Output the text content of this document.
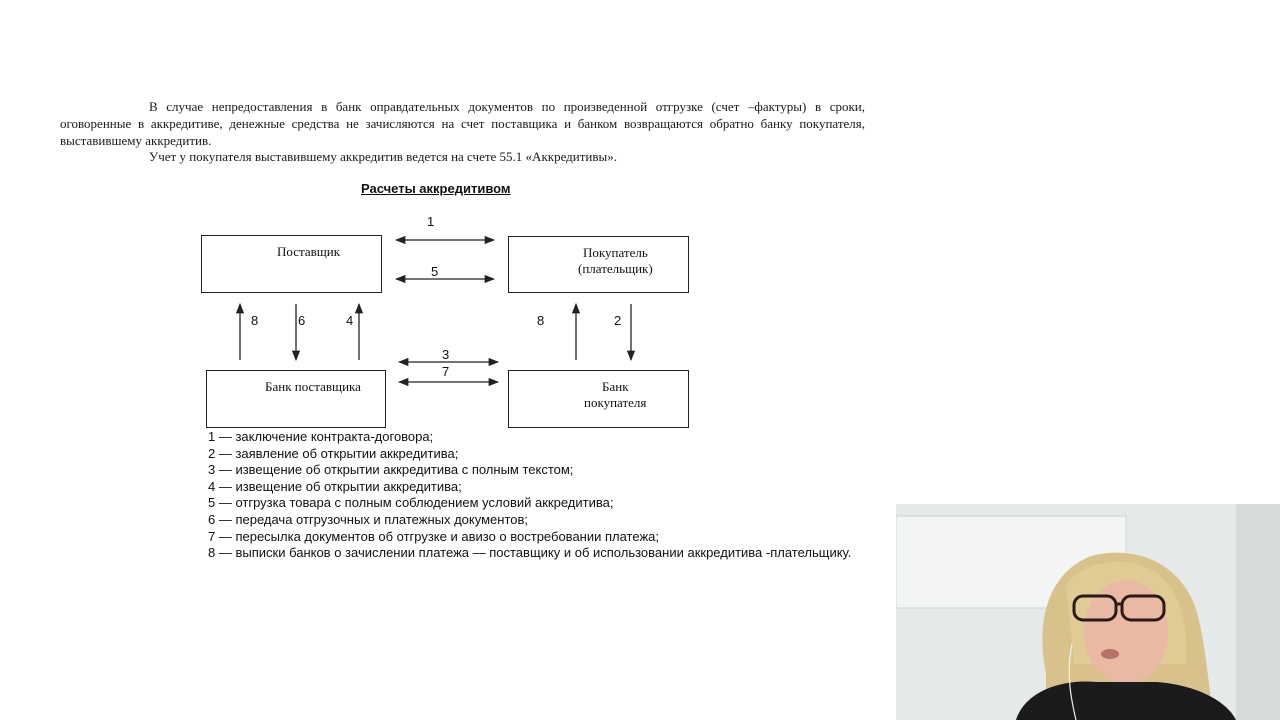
В случае непредоставления в банк оправдательных документов по произведенной отгрузке (счет –фактуры) в сроки, оговоренные в аккредитиве, денежные средства не зачисляются на счет поставщика и банком возвращаются обратно банку покупателя, выставившему аккредитив.

Учет у покупателя выставившему аккредитив ведется на счете 55.1 «Аккредитивы».

Расчеты аккредитивом
Поставщик	Покупатель
(плательщик)
Банк поставщика	Банк
покупателя
1
5
8	6	4	8	2
3
7
1 — заключение контракта-договора;
2 — заявление об открытии аккредитива;
3 — извещение об открытии аккредитива с полным текстом;
4 — извещение об открытии аккредитива;
5 — отгрузка товара с полным соблюдением условий аккредитива;
6 — передача отгрузочных и платежных документов;
7 — пересылка документов об отгрузке и авизо о востребовании платежа;
8 — выписки банков о зачислении платежа — поставщику и об использовании аккредитива -плательщику.
